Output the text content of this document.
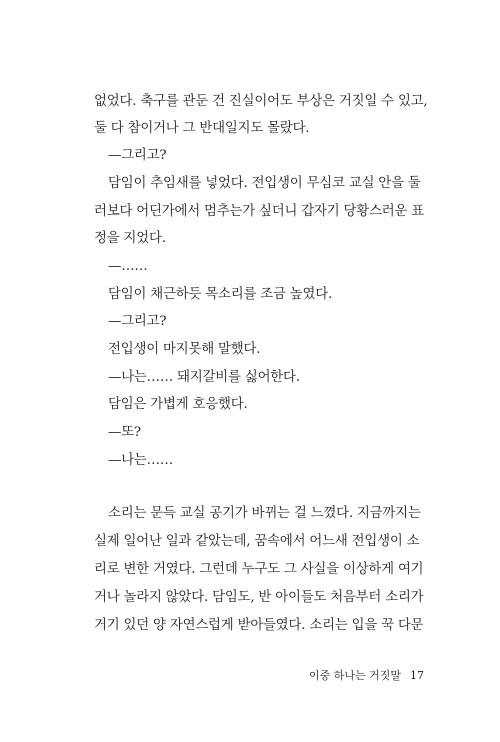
없었다. 축구를 관둔 건 진실이어도 부상은 거짓일 수 있고,
둘 다 참이거나 그 반대일지도 몰랐다.
—그리고?
담임이 추임새를 넣었다. 전입생이 무심코 교실 안을 둘
러보다 어딘가에서 멈추는가 싶더니 갑자기 당황스러운 표
정을 지었다.
—……
담임이 채근하듯 목소리를 조금 높였다.
—그리고?
전입생이 마지못해 말했다.
—나는…… 돼지갈비를 싫어한다.
담임은 가볍게 호응했다.
—또?
—나는……
소리는 문득 교실 공기가 바뀌는 걸 느꼈다. 지금까지는
실제 일어난 일과 같았는데, 꿈속에서 어느새 전입생이 소
리로 변한 거였다. 그런데 누구도 그 사실을 이상하게 여기
거나 놀라지 않았다. 담임도, 반 아이들도 처음부터 소리가
거기 있던 양 자연스럽게 받아들였다. 소리는 입을 꾹 다문
이중 하나는 거짓말 17
